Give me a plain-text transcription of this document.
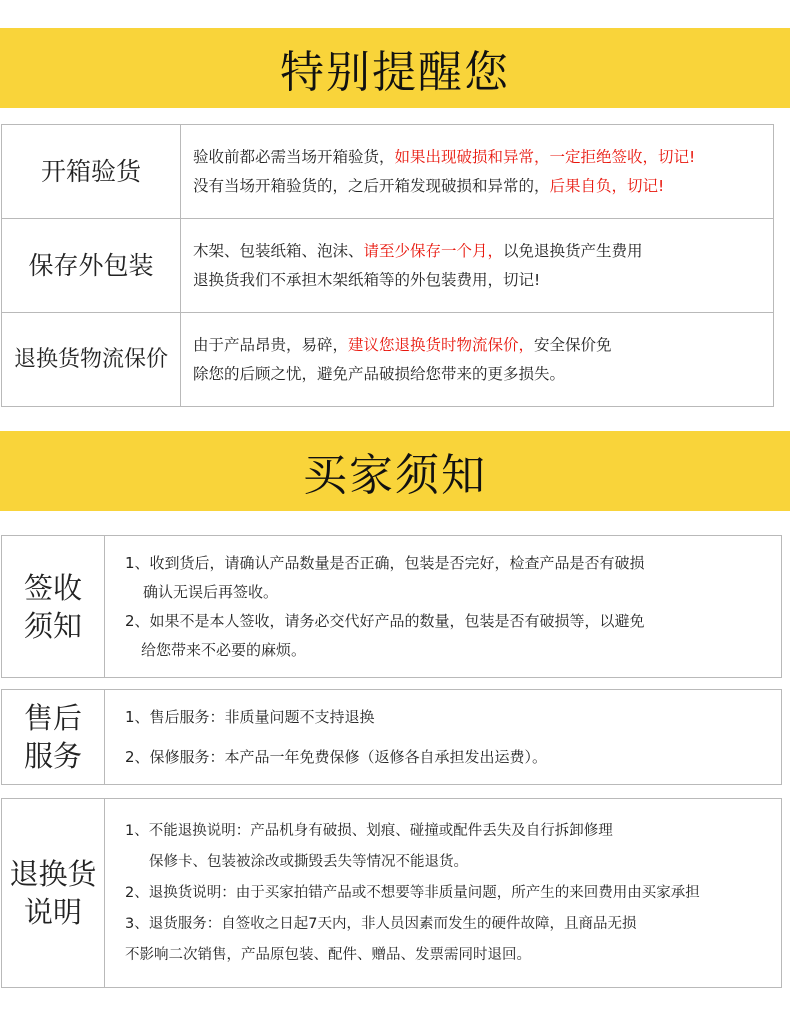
特别提醒您
开箱验货	验收前都必需当场开箱验货，如果出现破损和异常，一定拒绝签收，切记!
没有当场开箱验货的，之后开箱发现破损和异常的，后果自负，切记!
保存外包装	木架、包装纸箱、泡沫、请至少保存一个月，以免退换货产生费用
退换货我们不承担木架纸箱等的外包装费用，切记!
退换货物流保价
由于产品昂贵，易碎，建议您退换货时物流保价，安全保价免
除您的后顾之忧，避免产品破损给您带来的更多损失。
买家须知
签收
须知
1、收到货后，请确认产品数量是否正确，包装是否完好，检查产品是否有破损
确认无误后再签收。
2、如果不是本人签收，请务必交代好产品的数量，包装是否有破损等，以避免
给您带来不必要的麻烦。
售后
服务
1、售后服务：非质量问题不支持退换
2、保修服务：本产品一年免费保修（返修各自承担发出运费）。
退换货
说明
1、不能退换说明：产品机身有破损、划痕、碰撞或配件丢失及自行拆卸修理
保修卡、包装被涂改或撕毁丢失等情况不能退货。
2、退换货说明：由于买家拍错产品或不想要等非质量问题，所产生的来回费用由买家承担
3、退货服务：自签收之日起7天内，非人员因素而发生的硬件故障，且商品无损
不影响二次销售，产品原包装、配件、赠品、发票需同时退回。
